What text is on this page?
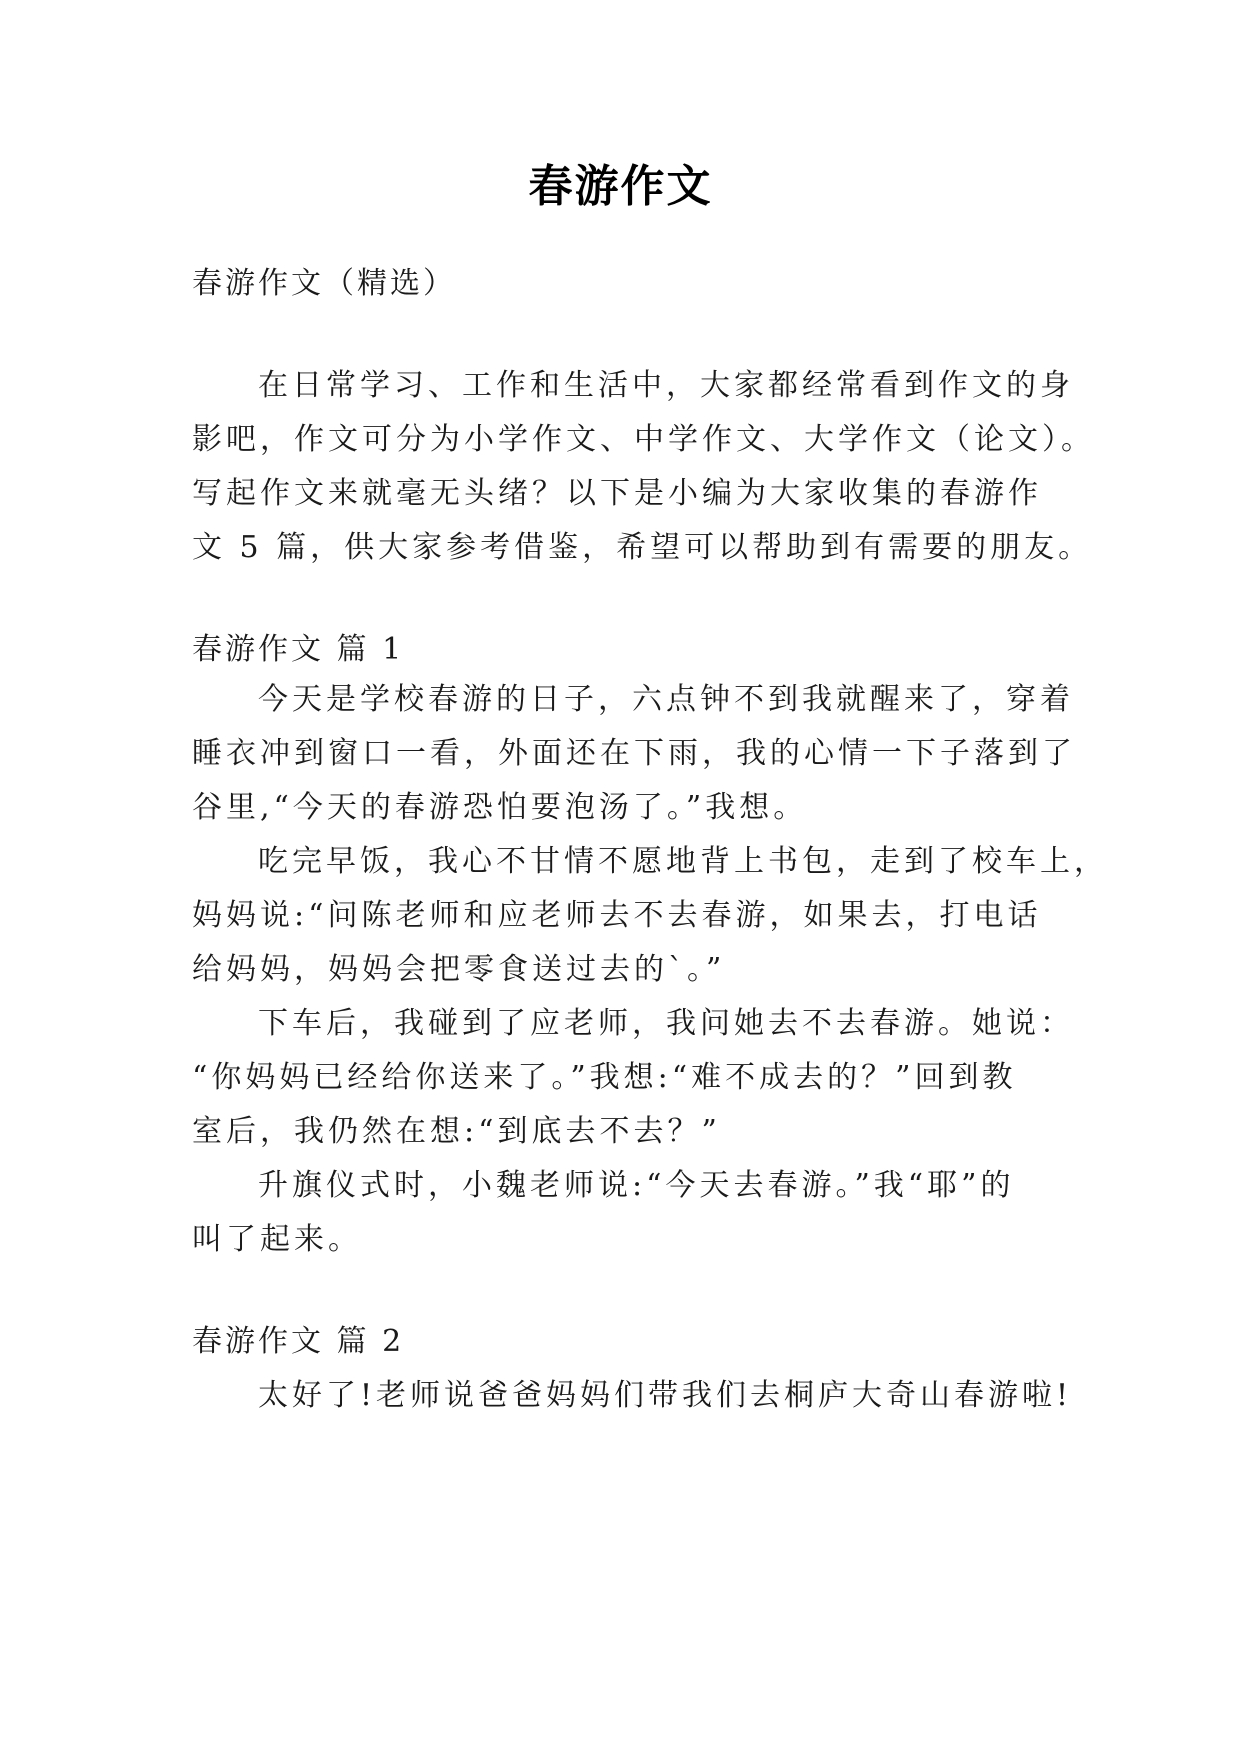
春游作文
春游作文（精选）
在日常学习、工作和生活中，大家都经常看到作文的身
影吧，作文可分为小学作文、中学作文、大学作文（论文）。
写起作文来就毫无头绪？以下是小编为大家收集的春游作
文 5 篇，供大家参考借鉴，希望可以帮助到有需要的朋友。
春游作文 篇 1
今天是学校春游的日子，六点钟不到我就醒来了，穿着
睡衣冲到窗口一看，外面还在下雨，我的心情一下子落到了
谷里,“今天的春游恐怕要泡汤了。”我想。
吃完早饭，我心不甘情不愿地背上书包，走到了校车上，
妈妈说:“问陈老师和应老师去不去春游，如果去，打电话
给妈妈，妈妈会把零食送过去的`。”
下车后，我碰到了应老师，我问她去不去春游。她说：
“你妈妈已经给你送来了。”我想:“难不成去的？”回到教
室后，我仍然在想:“到底去不去？”
升旗仪式时，小魏老师说:“今天去春游。”我“耶”的
叫了起来。
春游作文 篇 2
太好了!老师说爸爸妈妈们带我们去桐庐大奇山春游啦!
